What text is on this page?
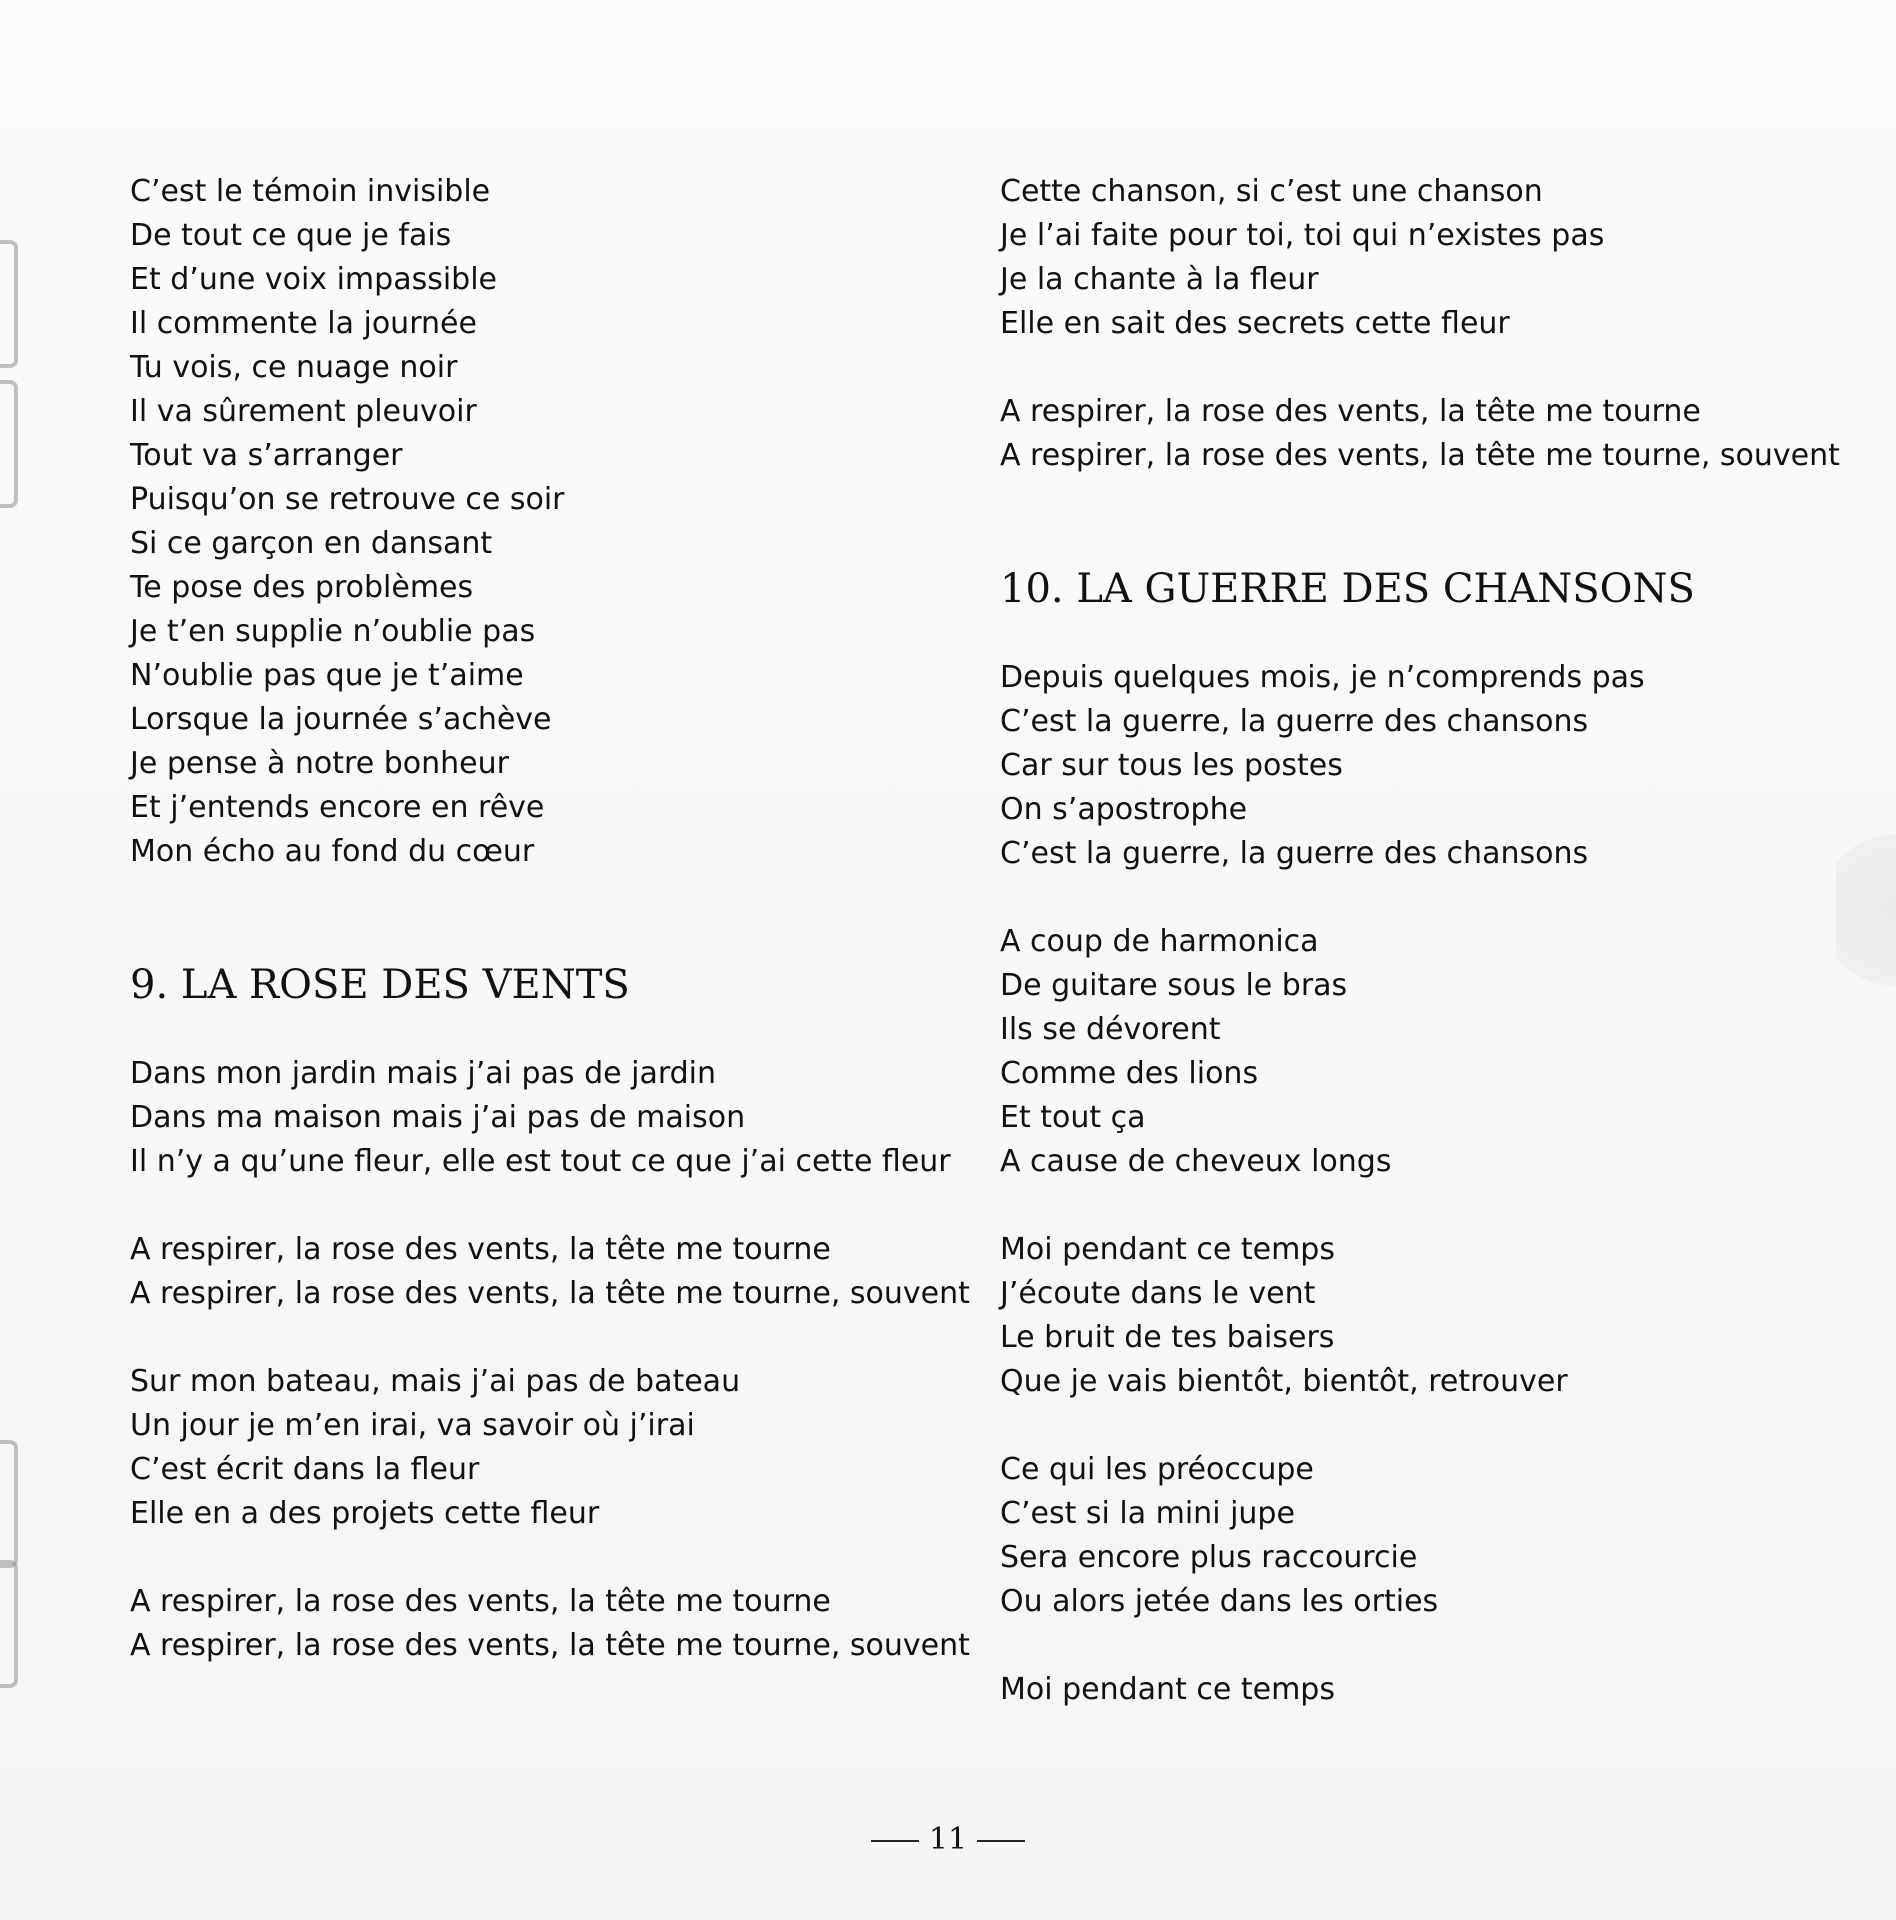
C’est le témoin invisible
De tout ce que je fais
Et d’une voix impassible
Il commente la journée
Tu vois, ce nuage noir
Il va sûrement pleuvoir
Tout va s’arranger
Puisqu’on se retrouve ce soir
Si ce garçon en dansant
Te pose des problèmes
Je t’en supplie n’oublie pas
N’oublie pas que je t’aime
Lorsque la journée s’achève
Je pense à notre bonheur
Et j’entends encore en rêve
Mon écho au fond du cœur
9. LA ROSE DES VENTS
Dans mon jardin mais j’ai pas de jardin
Dans ma maison mais j’ai pas de maison
Il n’y a qu’une fleur, elle est tout ce que j’ai cette fleur
A respirer, la rose des vents, la tête me tourne
A respirer, la rose des vents, la tête me tourne, souvent
Sur mon bateau, mais j’ai pas de bateau
Un jour je m’en irai, va savoir où j’irai
C’est écrit dans la fleur
Elle en a des projets cette fleur
A respirer, la rose des vents, la tête me tourne
A respirer, la rose des vents, la tête me tourne, souvent
Cette chanson, si c’est une chanson
Je l’ai faite pour toi, toi qui n’existes pas
Je la chante à la fleur
Elle en sait des secrets cette fleur
A respirer, la rose des vents, la tête me tourne
A respirer, la rose des vents, la tête me tourne, souvent
10. LA GUERRE DES CHANSONS
Depuis quelques mois, je n’comprends pas
C’est la guerre, la guerre des chansons
Car sur tous les postes
On s’apostrophe
C’est la guerre, la guerre des chansons
A coup de harmonica
De guitare sous le bras
Ils se dévorent
Comme des lions
Et tout ça
A cause de cheveux longs
Moi pendant ce temps
J’écoute dans le vent
Le bruit de tes baisers
Que je vais bientôt, bientôt, retrouver
Ce qui les préoccupe
C’est si la mini jupe
Sera encore plus raccourcie
Ou alors jetée dans les orties
Moi pendant ce temps
11
